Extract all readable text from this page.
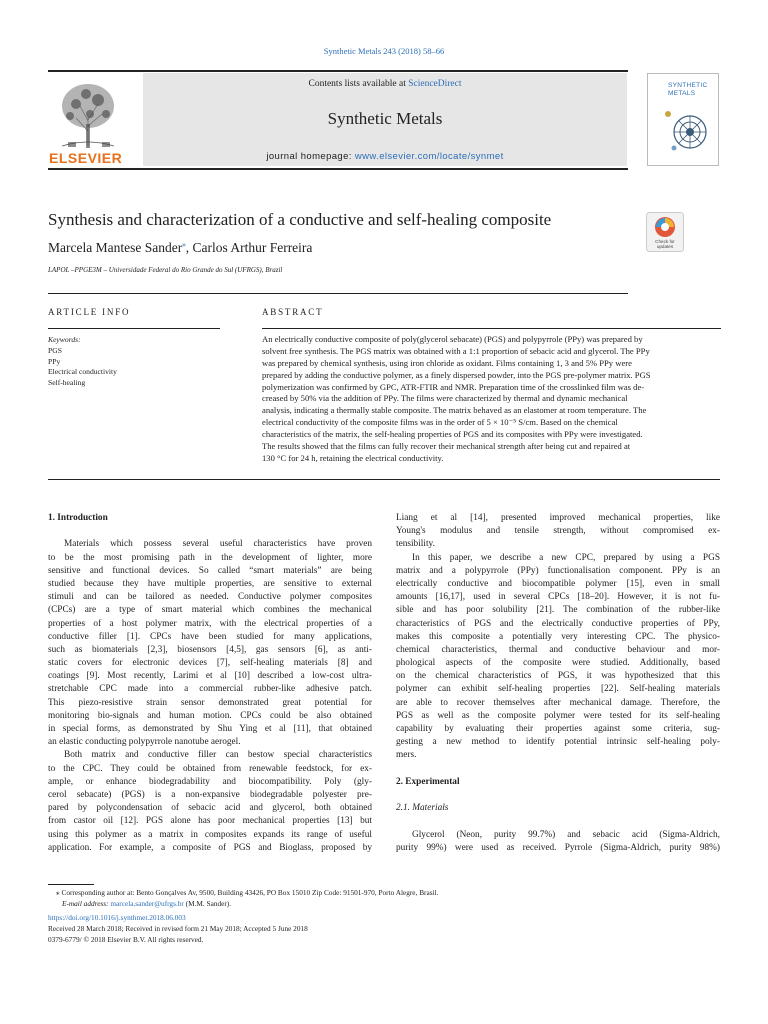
Synthetic Metals 243 (2018) 58–66
ELSEVIER
Contents lists available at ScienceDirect
Synthetic Metals
journal homepage: www.elsevier.com/locate/synmet
SYNTHETIC
METALS
Synthesis and characterization of a conductive and self-healing composite
Check for
updates
Marcela Mantese Sander⁎, Carlos Arthur Ferreira
LAPOL –PPGE3M – Universidade Federal do Rio Grande do Sul (UFRGS), Brazil
ARTICLE INFO	ABSTRACT
Keywords:
PGS
PPy
Electrical conductivity
Self-healing
An electrically conductive composite of poly(glycerol sebacate) (PGS) and polypyrrole (PPy) was prepared by
solvent free synthesis. The PGS matrix was obtained with a 1:1 proportion of sebacic acid and glycerol. The PPy
was prepared by chemical synthesis, using iron chloride as oxidant. Films containing 1, 3 and 5% PPy were
prepared by adding the conductive polymer, as a finely dispersed powder, into the PGS pre-polymer matrix. PGS
polymerization was confirmed by GPC, ATR-FTIR and NMR. Preparation time of the crosslinked film was de-
creased by 50% via the addition of PPy. The films were characterized by thermal and dynamic mechanical
analysis, indicating a thermally stable composite. The matrix behaved as an elastomer at room temperature. The
electrical conductivity of the composite films was in the order of 5 × 10⁻⁵ S/cm. Based on the chemical
characteristics of the matrix, the self-healing properties of PGS and its composites with PPy were investigated.
The results showed that the films can fully recover their mechanical strength after being cut and repaired at
130 °C for 24 h, retaining the electrical conductivity.
1. Introduction
Materials which possess several useful characteristics have proven
to be the most promising path in the development of lighter, more
sensitive and functional devices. So called “smart materials” are being
studied because they have multiple properties, are sensitive to external
stimuli and can be tailored as needed. Conductive polymer composites
(CPCs) are a type of smart material which combines the mechanical
properties of a host polymer matrix, with the electrical properties of a
conductive filler [1]. CPCs have been studied for many applications,
such as biomaterials [2,3], biosensors [4,5], gas sensors [6], as anti-
static covers for electronic devices [7], self-healing materials [8] and
coatings [9]. Most recently, Larimi et al [10] described a low-cost ultra-
stretchable CPC made into a commercial rubber-like adhesive patch.
This piezo-resistive strain sensor demonstrated great potential for
monitoring bio-signals and human motion. CPCs could be also obtained
in special forms, as demonstrated by Shu Ying et al [11], that obtained
an elastic conducting polypyrrole nanotube aerogel.
Both matrix and conductive filler can bestow special characteristics
to the CPC. They could be obtained from renewable feedstock, for ex-
ample, or enhance biodegradability and biocompatibility. Poly (gly-
cerol sebacate) (PGS) is a non-expansive biodegradable polyester pre-
pared by polycondensation of sebacic acid and glycerol, both obtained
from castor oil [12]. PGS alone has poor mechanical properties [13] but
using this polymer as a matrix in composites expands its range of useful
application. For example, a composite of PGS and Bioglass, proposed by
Liang et al [14], presented improved mechanical properties, like
Young's modulus and tensile strength, without compromised ex-
tensibility.
In this paper, we describe a new CPC, prepared by using a PGS
matrix and a polypyrrole (PPy) functionalisation component. PPy is an
electrically conductive and biocompatible polymer [15], even in small
amounts [16,17], used in several CPCs [18–20]. However, it is not fu-
sible and has poor solubility [21]. The combination of the rubber-like
characteristics of PGS and the electrically conductive properties of PPy,
makes this composite a potentially very interesting CPC. The physico-
chemical characteristics, thermal and conductive behaviour and mor-
phological aspects of the composite were studied. Additionally, based
on the chemical characteristics of PGS, it was hypothesized that this
polymer can exhibit self-healing properties [22]. Self-healing materials
are able to recover themselves after mechanical damage. Therefore, the
PGS as well as the composite polymer were tested for its self-healing
capability by evaluating their properties against some criteria, sug-
gesting a new method to identify potential intrinsic self-healing poly-
mers.
2. Experimental
2.1. Materials
Glycerol (Neon, purity 99.7%) and sebacic acid (Sigma-Aldrich,
purity 99%) were used as received. Pyrrole (Sigma-Aldrich, purity 98%)
⁎ Corresponding author at: Bento Gonçalves Av, 9500, Building 43426, PO Box 15010 Zip Code: 91501-970, Porto Alegre, Brasil.
E-mail address: marcela.sander@ufrgs.br (M.M. Sander).
https://doi.org/10.1016/j.synthmet.2018.06.003
Received 28 March 2018; Received in revised form 21 May 2018; Accepted 5 June 2018
0379-6779/ © 2018 Elsevier B.V. All rights reserved.
